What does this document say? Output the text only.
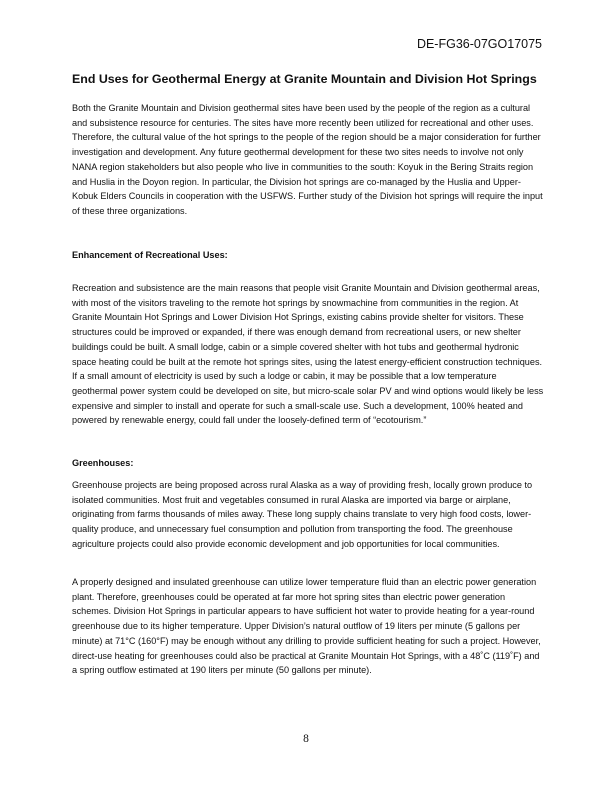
DE-FG36-07GO17075
End Uses for Geothermal Energy at Granite Mountain and Division Hot Springs

Both the Granite Mountain and Division geothermal sites have been used by the people of the region as a cultural and subsistence resource for centuries. The sites have more recently been utilized for recreational and other uses. Therefore, the cultural value of the hot springs to the people of the region should be a major consideration for further investigation and development. Any future geothermal development for these two sites needs to involve not only NANA region stakeholders but also people who live in communities to the south: Koyuk in the Bering Straits region and Huslia in the Doyon region. In particular, the Division hot springs are co-managed by the Huslia and Upper-Kobuk Elders Councils in cooperation with the USFWS. Further study of the Division hot springs will require the input of these three organizations.

Enhancement of Recreational Uses:

Recreation and subsistence are the main reasons that people visit Granite Mountain and Division geothermal areas, with most of the visitors traveling to the remote hot springs by snowmachine from communities in the region. At Granite Mountain Hot Springs and Lower Division Hot Springs, existing cabins provide shelter for visitors. These structures could be improved or expanded, if there was enough demand from recreational users, or new shelter buildings could be built. A small lodge, cabin or a simple covered shelter with hot tubs and geothermal hydronic space heating could be built at the remote hot springs sites, using the latest energy-efficient construction techniques. If a small amount of electricity is used by such a lodge or cabin, it may be possible that a low temperature geothermal power system could be developed on site, but micro-scale solar PV and wind options would likely be less expensive and simpler to install and operate for such a small-scale use. Such a development, 100% heated and powered by renewable energy, could fall under the loosely-defined term of “ecotourism.”

Greenhouses:

Greenhouse projects are being proposed across rural Alaska as a way of providing fresh, locally grown produce to isolated communities. Most fruit and vegetables consumed in rural Alaska are imported via barge or airplane, originating from farms thousands of miles away. These long supply chains translate to very high food costs, lower-quality produce, and unnecessary fuel consumption and pollution from transporting the food. The greenhouse agriculture projects could also provide economic development and job opportunities for local communities.

A properly designed and insulated greenhouse can utilize lower temperature fluid than an electric power generation plant. Therefore, greenhouses could be operated at far more hot spring sites than electric power generation schemes. Division Hot Springs in particular appears to have sufficient hot water to provide heating for a year-round greenhouse due to its higher temperature. Upper Division’s natural outflow of 19 liters per minute (5 gallons per minute) at 71°C (160°F) may be enough without any drilling to provide sufficient heating for such a project. However, direct-use heating for greenhouses could also be practical at Granite Mountain Hot Springs, with a 48˚C (119˚F) and a spring outflow estimated at 190 liters per minute (50 gallons per minute).

8
